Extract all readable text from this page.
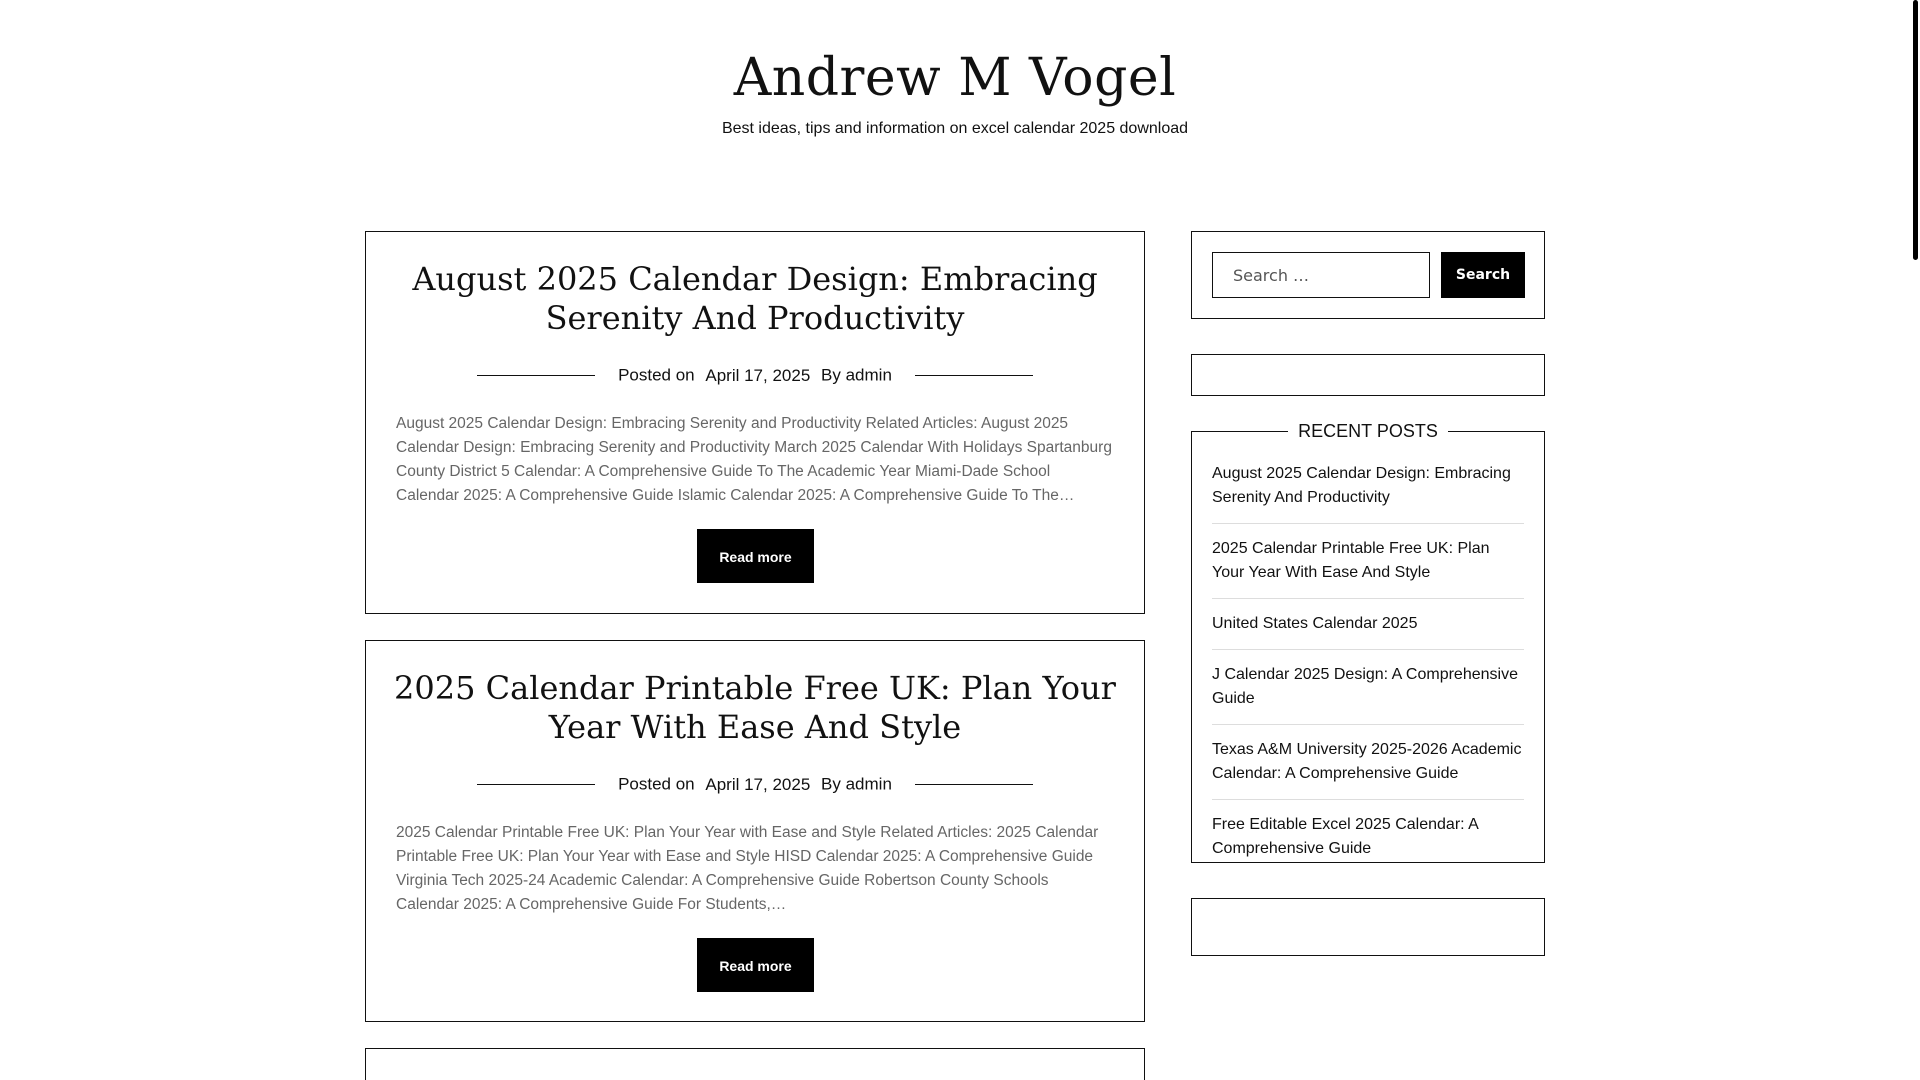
Andrew M Vogel
Best ideas, tips and information on excel calendar 2025 download
August 2025 Calendar Design: Embracing Serenity And Productivity
Posted on April 17, 2025 By admin
August 2025 Calendar Design: Embracing Serenity and Productivity Related Articles: August 2025 Calendar Design: Embracing Serenity and Productivity March 2025 Calendar With Holidays Spartanburg County District 5 Calendar: A Comprehensive Guide To The Academic Year Miami-Dade School Calendar 2025: A Comprehensive Guide Islamic Calendar 2025: A Comprehensive Guide To The…
Read more
2025 Calendar Printable Free UK: Plan Your Year With Ease And Style
Posted on April 17, 2025 By admin
2025 Calendar Printable Free UK: Plan Your Year with Ease and Style Related Articles: 2025 Calendar Printable Free UK: Plan Your Year with Ease and Style HISD Calendar 2025: A Comprehensive Guide Virginia Tech 2025-24 Academic Calendar: A Comprehensive Guide Robertson County Schools Calendar 2025: A Comprehensive Guide For Students,…
Read more
Search …
Search
RECENT POSTS
August 2025 Calendar Design: Embracing Serenity And Productivity
2025 Calendar Printable Free UK: Plan Your Year With Ease And Style
United States Calendar 2025
J Calendar 2025 Design: A Comprehensive Guide
Texas A&M University 2025-2026 Academic Calendar: A Comprehensive Guide
Free Editable Excel 2025 Calendar: A Comprehensive Guide
